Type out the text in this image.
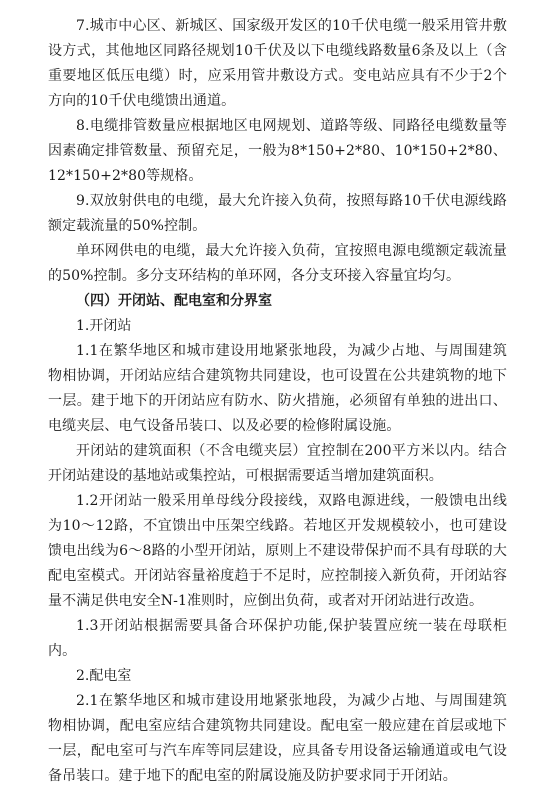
7.城市中心区、新城区、国家级开发区的10千伏电缆一般采用管井敷设方式，其他地区同路径规划10千伏及以下电缆线路数量6条及以上（含重要地区低压电缆）时，应采用管井敷设方式。变电站应具有不少于2个方向的10千伏电缆馈出通道。

8.电缆排管数量应根据地区电网规划、道路等级、同路径电缆数量等因素确定排管数量、预留充足，一般为8*150+2*80、10*150+2*80、12*150+2*80等规格。

9.双放射供电的电缆，最大允许接入负荷，按照每路10千伏电源线路额定载流量的50%控制。

单环网供电的电缆，最大允许接入负荷，宜按照电源电缆额定载流量的50%控制。多分支环结构的单环网，各分支环接入容量宜均匀。

（四）开闭站、配电室和分界室

1.开闭站

1.1在繁华地区和城市建设用地紧张地段，为减少占地、与周围建筑物相协调，开闭站应结合建筑物共同建设，也可设置在公共建筑物的地下一层。建于地下的开闭站应有防水、防火措施，必须留有单独的进出口、电缆夹层、电气设备吊装口、以及必要的检修附属设施。

开闭站的建筑面积（不含电缆夹层）宜控制在200平方米以内。结合开闭站建设的基地站或集控站，可根据需要适当增加建筑面积。

1.2开闭站一般采用单母线分段接线，双路电源进线，一般馈电出线为10～12路，不宜馈出中压架空线路。若地区开发规模较小，也可建设馈电出线为6～8路的小型开闭站，原则上不建设带保护而不具有母联的大配电室模式。开闭站容量裕度趋于不足时，应控制接入新负荷，开闭站容量不满足供电安全N-1准则时，应倒出负荷，或者对开闭站进行改造。

1.3开闭站根据需要具备合环保护功能,保护装置应统一装在母联柜内。

2.配电室

2.1在繁华地区和城市建设用地紧张地段，为减少占地、与周围建筑物相协调，配电室应结合建筑物共同建设。配电室一般应建在首层或地下一层，配电室可与汽车库等同层建设，应具备专用设备运输通道或电气设备吊装口。建于地下的配电室的附属设施及防护要求同于开闭站。
